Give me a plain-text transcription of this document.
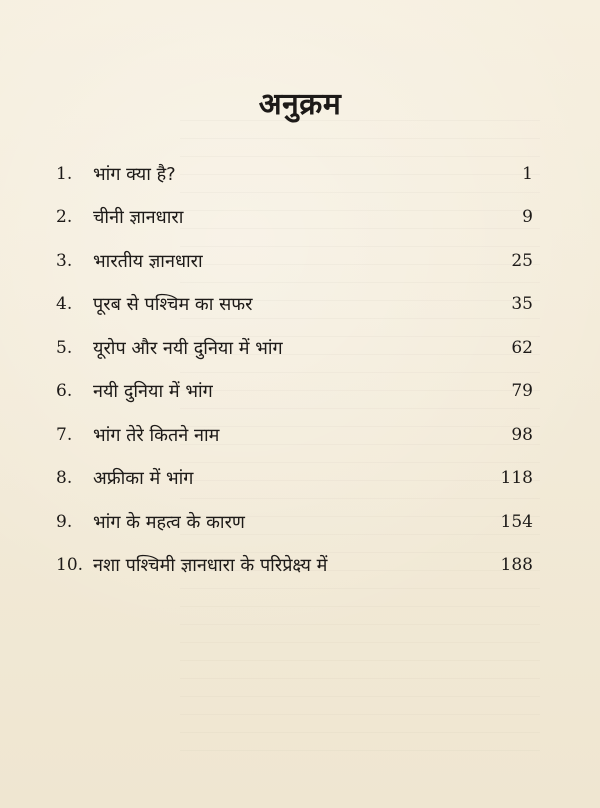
अनुक्रम
1.	भांग क्या है?	1
2.	चीनी ज्ञानधारा	9
3.	भारतीय ज्ञानधारा	25
4.	पूरब से पश्चिम का सफर	35
5.	यूरोप और नयी दुनिया में भांग	62
6.	नयी दुनिया में भांग	79
7.	भांग तेरे कितने नाम	98
8.	अफ्रीका में भांग	118
9.	भांग के महत्व के कारण	154
10. नशा पश्चिमी ज्ञानधारा के परिप्रेक्ष्य में	188
